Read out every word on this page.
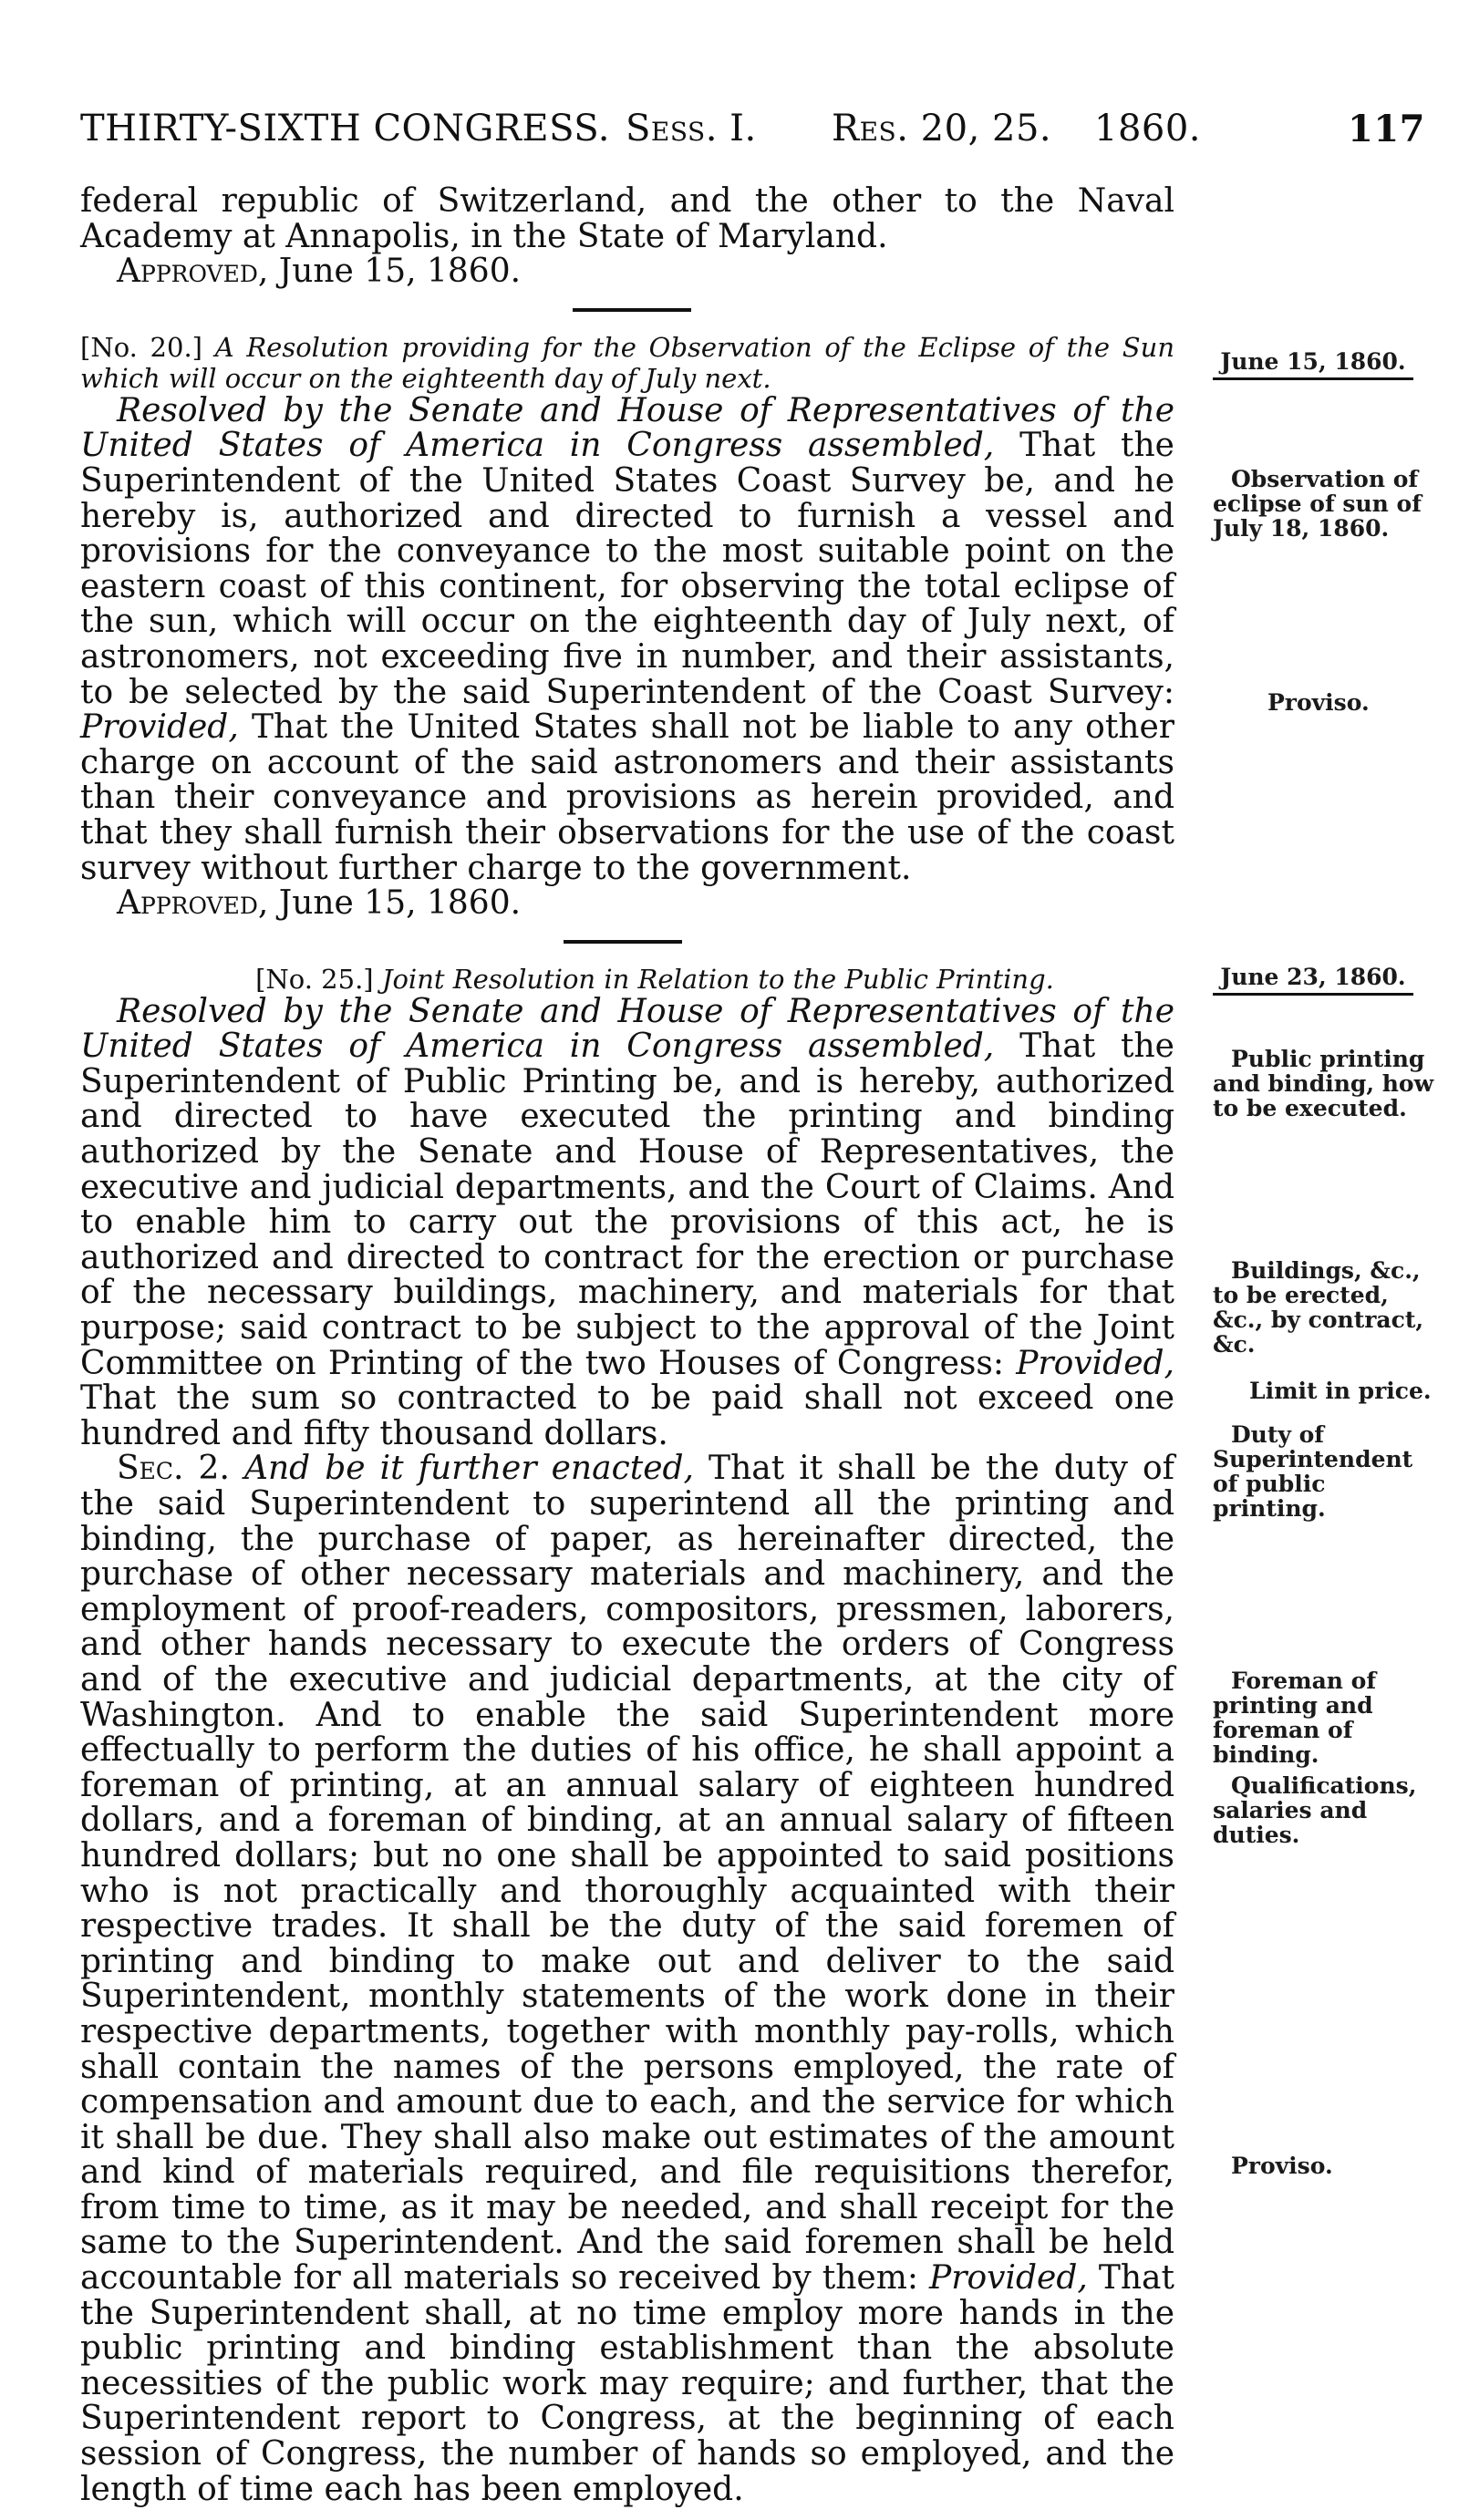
THIRTY-SIXTH CONGRESS. Sess. I. Res. 20, 25. 1860.	117

federal republic of Switzerland, and the other to the Naval Academy at Annapolis, in the State of Maryland.

Approved, June 15, 1860.

[No. 20.] A Resolution providing for the Observation of the Eclipse of the Sun which will occur on the eighteenth day of July next.

Resolved by the Senate and House of Representatives of the United States of America in Congress assembled, That the Superintendent of the United States Coast Survey be, and he hereby is, authorized and directed to furnish a vessel and provisions for the conveyance to the most suitable point on the eastern coast of this continent, for observing the total eclipse of the sun, which will occur on the eighteenth day of July next, of astronomers, not exceeding five in number, and their assistants, to be selected by the said Superintendent of the Coast Survey: Provided, That the United States shall not be liable to any other charge on account of the said astronomers and their assistants than their conveyance and provisions as herein provided, and that they shall furnish their observations for the use of the coast survey without further charge to the government.

Approved, June 15, 1860.

[No. 25.] Joint Resolution in Relation to the Public Printing.

Resolved by the Senate and House of Representatives of the United States of America in Congress assembled, That the Superintendent of Public Printing be, and is hereby, authorized and directed to have executed the printing and binding authorized by the Senate and House of Representatives, the executive and judicial departments, and the Court of Claims. And to enable him to carry out the provisions of this act, he is authorized and directed to contract for the erection or purchase of the necessary buildings, machinery, and materials for that purpose; said contract to be subject to the approval of the Joint Committee on Printing of the two Houses of Congress: Provided, That the sum so contracted to be paid shall not exceed one hundred and fifty thousand dollars.

Sec. 2. And be it further enacted, That it shall be the duty of the said Superintendent to superintend all the printing and binding, the purchase of paper, as hereinafter directed, the purchase of other necessary materials and machinery, and the employment of proof-readers, compositors, pressmen, laborers, and other hands necessary to execute the orders of Congress and of the executive and judicial departments, at the city of Washington. And to enable the said Superintendent more effectually to perform the duties of his office, he shall appoint a foreman of printing, at an annual salary of eighteen hundred dollars, and a foreman of binding, at an annual salary of fifteen hundred dollars; but no one shall be appointed to said positions who is not practically and thoroughly acquainted with their respective trades. It shall be the duty of the said foremen of printing and binding to make out and deliver to the said Superintendent, monthly statements of the work done in their respective departments, together with monthly pay-rolls, which shall contain the names of the persons employed, the rate of compensation and amount due to each, and the service for which it shall be due. They shall also make out estimates of the amount and kind of materials required, and file requisitions therefor, from time to time, as it may be needed, and shall receipt for the same to the Superintendent. And the said foremen shall be held accountable for all materials so received by them: Provided, That the Superintendent shall, at no time employ more hands in the public printing and binding establishment than the absolute necessities of the public work may require; and further, that the Superintendent report to Congress, at the beginning of each session of Congress, the number of hands so employed, and the length of time each has been employed.

June 15, 1860.
Observation of eclipse of sun of July 18, 1860.
Proviso.
June 23, 1860.
Public printing and binding, how to be executed.
Buildings, &c., to be erected, &c., by contract, &c.
Limit in price.
Duty of Superintendent of public printing.
Foreman of printing and foreman of binding.
Qualifications, salaries and duties.
Proviso.
